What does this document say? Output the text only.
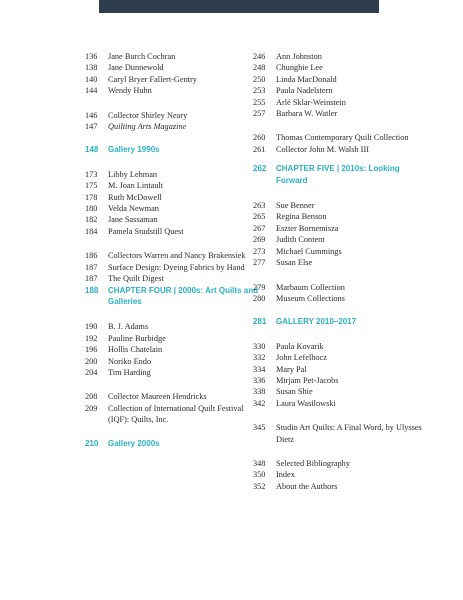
136	Jane Burch Cochran
138	Jane Dunnewold
140	Caryl Bryer Fallert-Gentry
144	Wendy Huhn
146	Collector Shirley Neary
147	Quilting Arts Magazine
148	Gallery 1990s
173	Libby Lehman
175	M. Joan Lintault
178	Ruth McDowell
180	Velda Newman
182	Jane Sassaman
184	Pamela Studstill Quest
186	Collectors Warren and Nancy Brakensiek
187	Surface Design: Dyeing Fabrics by Hand
187	The Quilt Digest
188	CHAPTER FOUR | 2000s: Art Quilts and Galleries
190	B. J. Adams
192	Pauline Burbidge
196	Hollis Chatelain
200	Noriko Endo
204	Tim Harding
208	Collector Maureen Hendricks
209	Collection of International Quilt Festival (IQF): Quilts, Inc.
210	Gallery 2000s
246	Ann Johnston
248	Chunghie Lee
250	Linda MacDonald
253	Paula Nadelstern
255	Arlé Sklar-Weinstein
257	Barbara W. Watler
260	Thomas Contemporary Quilt Collection
261	Collector John M. Walsh III
262	CHAPTER FIVE | 2010s: Looking Forward
263	Sue Benner
265	Regina Benson
267	Eszter Bornemisza
269	Judith Content
273	Michael Cummings
277	Susan Else
279	Marbaum Collection
280	Museum Collections
281	GALLERY 2010–2017
330	Paula Kovarik
332	John Lefelhocz
334	Mary Pal
336	Mirjam Pet-Jacobs
338	Susan Shie
342	Laura Wasilowski
345	Studio Art Quilts: A Final Word, by Ulysses Dietz
348	Selected Bibliography
350	Index
352	About the Authors
